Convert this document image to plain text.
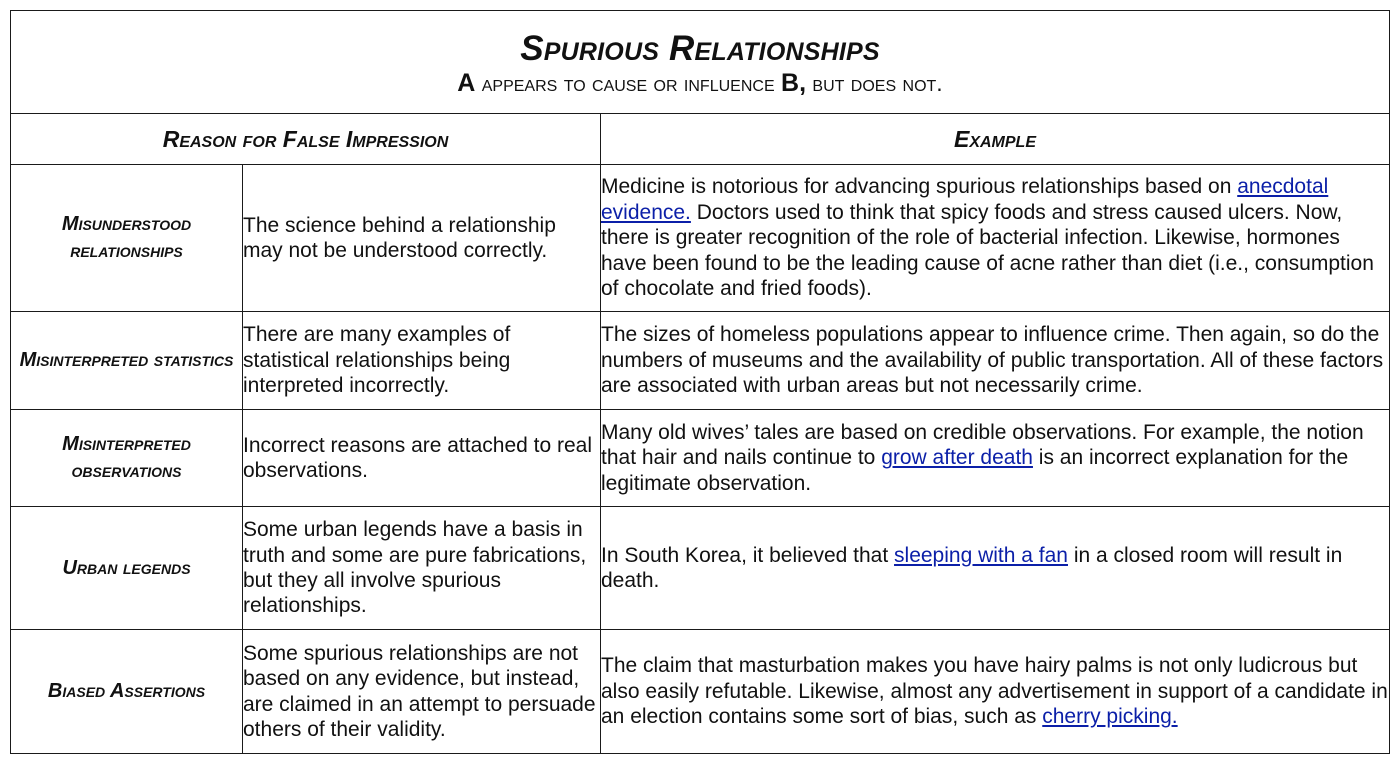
Spurious Relationships
A appears to cause or influence B, but does not.		

Reason for False Impression		Example
Misunderstood relationships	The science behind a relationship may not be understood correctly.	Medicine is notorious for advancing spurious relationships based on anecdotal evidence. Doctors used to think that spicy foods and stress caused ulcers. Now, there is greater recognition of the role of bacterial infection. Likewise, hormones have been found to be the leading cause of acne rather than diet (i.e., consumption of chocolate and fried foods).
Misinterpreted statistics	There are many examples of statistical relationships being interpreted incorrectly.	The sizes of homeless populations appear to influence crime. Then again, so do the numbers of museums and the availability of public transportation. All of these factors are associated with urban areas but not necessarily crime.
Misinterpreted observations	Incorrect reasons are attached to real observations.	Many old wives’ tales are based on credible observations. For example, the notion that hair and nails continue to grow after death is an incorrect explanation for the legitimate observation.
Urban legends	Some urban legends have a basis in truth and some are pure fabrications, but they all involve spurious relationships.	In South Korea, it believed that sleeping with a fan in a closed room will result in death.
Biased Assertions	Some spurious relationships are not based on any evidence, but instead, are claimed in an attempt to persuade others of their validity.	The claim that masturbation makes you have hairy palms is not only ludicrous but also easily refutable. Likewise, almost any advertisement in support of a candidate in an election contains some sort of bias, such as cherry picking.
